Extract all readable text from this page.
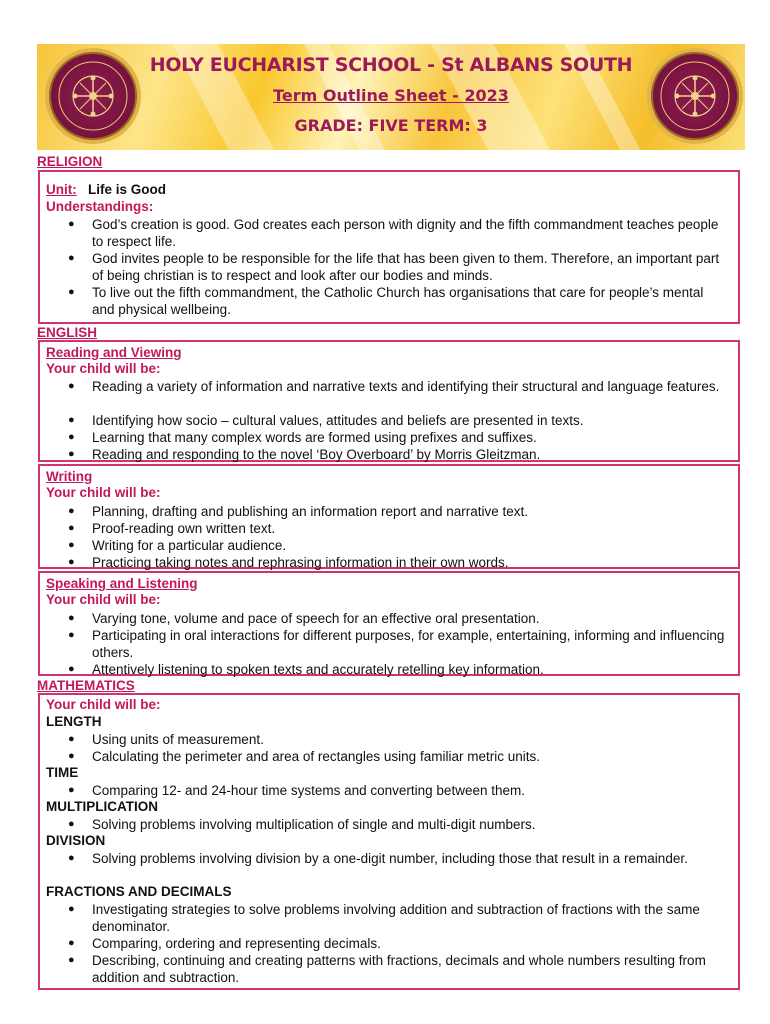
HOLY EUCHARIST SCHOOL - St ALBANS SOUTH
Term Outline Sheet - 2023
GRADE: FIVE TERM: 3
RELIGION
Unit: Life is Good
Understandings:
● God’s creation is good. God creates each person with dignity and the fifth commandment teaches people to respect life.
● God invites people to be responsible for the life that has been given to them. Therefore, an important part of being christian is to respect and look after our bodies and minds.
● To live out the fifth commandment, the Catholic Church has organisations that care for people’s mental and physical wellbeing.
ENGLISH
Reading and Viewing
Your child will be:
● Reading a variety of information and narrative texts and identifying their structural and language features.
● Identifying how socio – cultural values, attitudes and beliefs are presented in texts.
● Learning that many complex words are formed using prefixes and suffixes.
● Reading and responding to the novel ‘Boy Overboard’ by Morris Gleitzman.
Writing
Your child will be:
● Planning, drafting and publishing an information report and narrative text.
● Proof-reading own written text.
● Writing for a particular audience.
● Practicing taking notes and rephrasing information in their own words.
Speaking and Listening
Your child will be:
● Varying tone, volume and pace of speech for an effective oral presentation.
● Participating in oral interactions for different purposes, for example, entertaining, informing and influencing others.
● Attentively listening to spoken texts and accurately retelling key information.
MATHEMATICS
Your child will be:
LENGTH
● Using units of measurement.
● Calculating the perimeter and area of rectangles using familiar metric units.
TIME
● Comparing 12- and 24-hour time systems and converting between them.
MULTIPLICATION
● Solving problems involving multiplication of single and multi-digit numbers.
DIVISION
● Solving problems involving division by a one-digit number, including those that result in a remainder.
FRACTIONS AND DECIMALS
● Investigating strategies to solve problems involving addition and subtraction of fractions with the same denominator.
● Comparing, ordering and representing decimals.
● Describing, continuing and creating patterns with fractions, decimals and whole numbers resulting from addition and subtraction.
